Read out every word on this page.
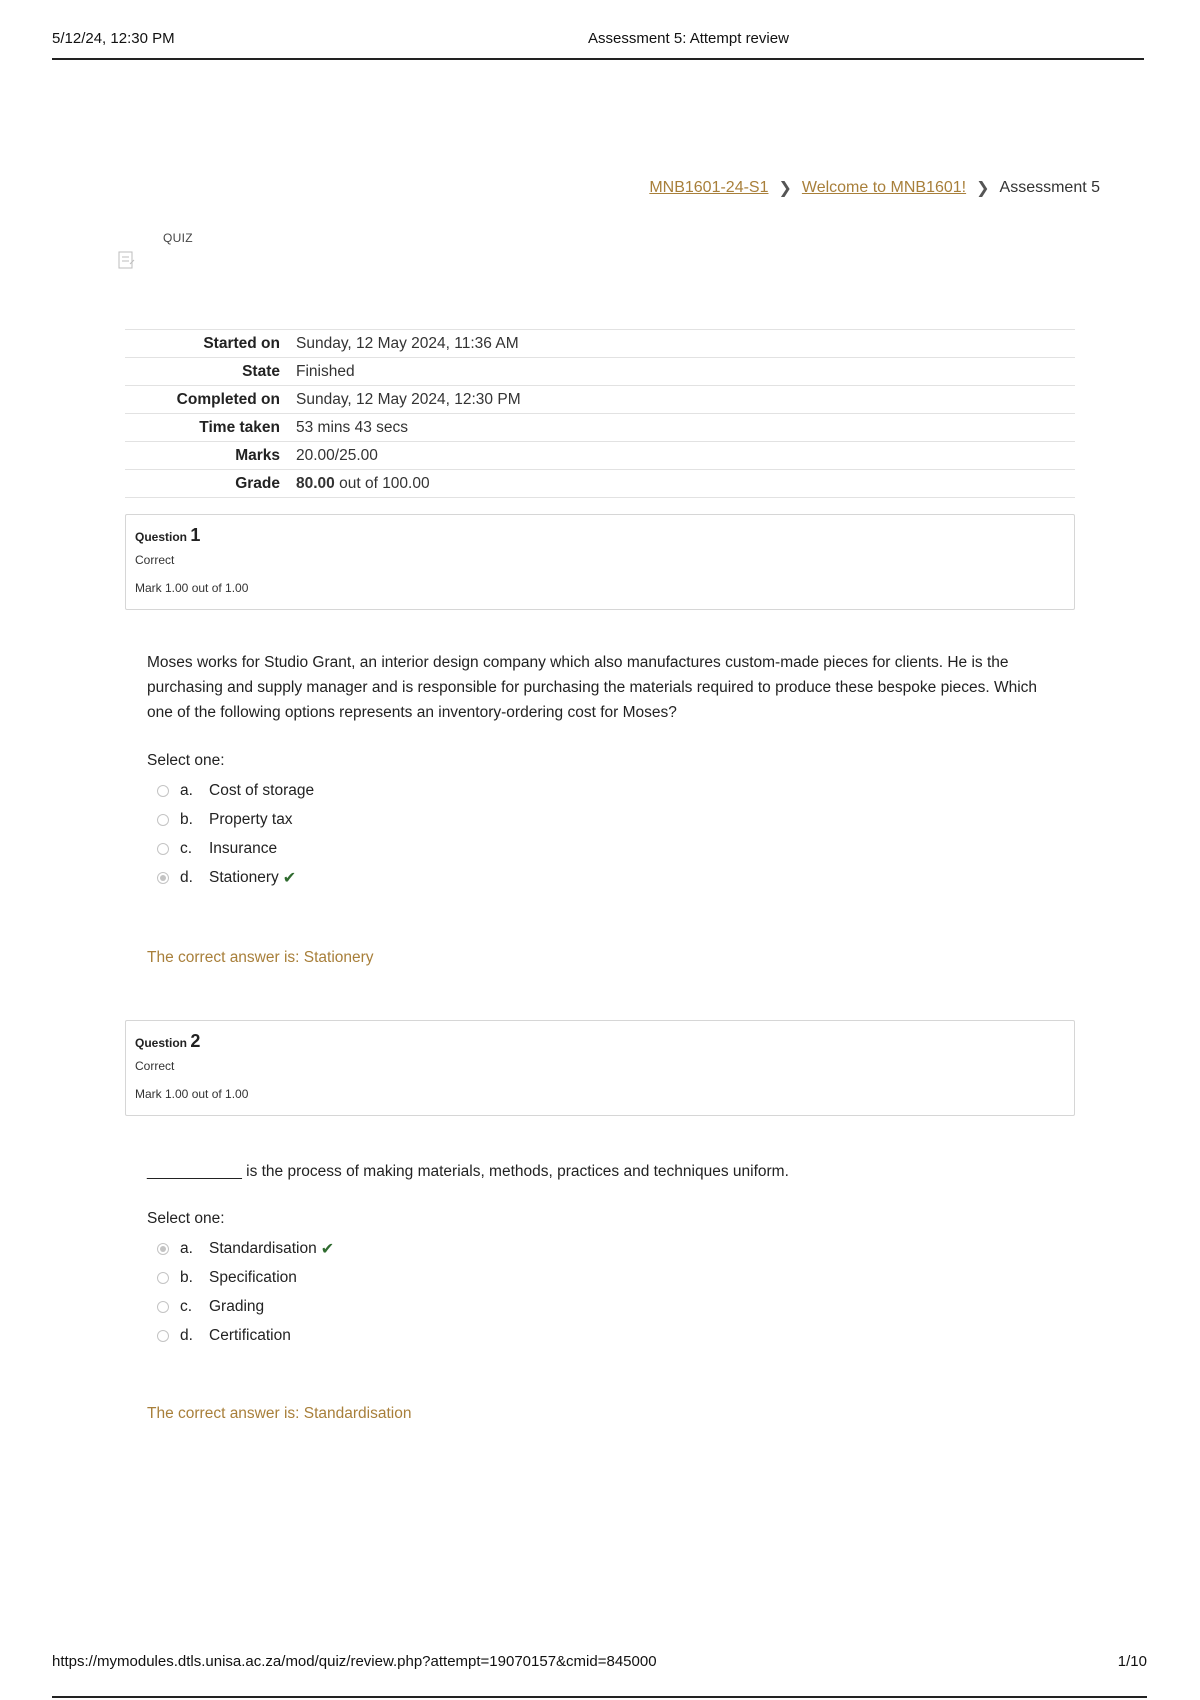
5/12/24, 12:30 PM	Assessment 5: Attempt review
MNB1601-24-S1 ❯ Welcome to MNB1601! ❯ Assessment 5
QUIZ
Started on	Sunday, 12 May 2024, 11:36 AM
State	Finished
Completed on	Sunday, 12 May 2024, 12:30 PM
Time taken	53 mins 43 secs
Marks	20.00/25.00
Grade	80.00 out of 100.00
Question 1
Correct
Mark 1.00 out of 1.00
Moses works for Studio Grant, an interior design company which also manufactures custom-made pieces for clients. He is the purchasing and supply manager and is responsible for purchasing the materials required to produce these bespoke pieces. Which one of the following options represents an inventory-ordering cost for Moses?
Select one:
a.	Cost of storage
b.	Property tax
c.	Insurance
d.	Stationery ✔
The correct answer is: Stationery
Question 2
Correct
Mark 1.00 out of 1.00
___________ is the process of making materials, methods, practices and techniques uniform.
Select one:
a.	Standardisation ✔
b.	Specification
c.	Grading
d.	Certification
The correct answer is: Standardisation
https://mymodules.dtls.unisa.ac.za/mod/quiz/review.php?attempt=19070157&cmid=845000	1/10
